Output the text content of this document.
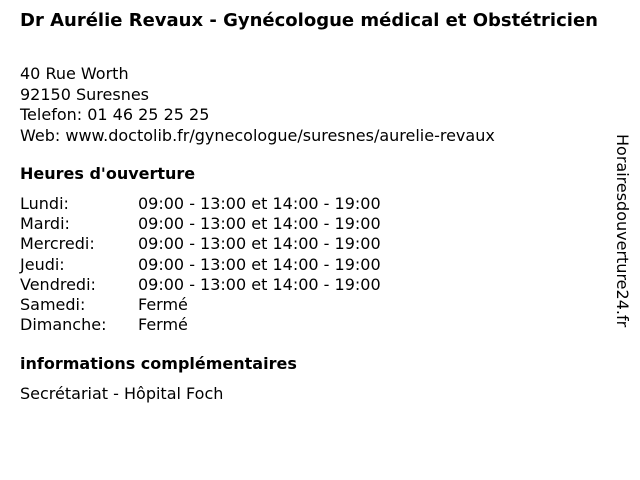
Dr Aurélie Revaux - Gynécologue médical et Obstétricien
40 Rue Worth
92150 Suresnes
Telefon: 01 46 25 25 25
Web: www.doctolib.fr/gynecologue/suresnes/aurelie-revaux
Heures d'ouverture
Lundi:	09:00 - 13:00 et 14:00 - 19:00
Mardi:	09:00 - 13:00 et 14:00 - 19:00
Mercredi:	09:00 - 13:00 et 14:00 - 19:00
Jeudi:	09:00 - 13:00 et 14:00 - 19:00
Vendredi:	09:00 - 13:00 et 14:00 - 19:00
Samedi:	Fermé
Dimanche:	Fermé
informations complémentaires
Secrétariat - Hôpital Foch
Horairesdouverture24.fr
